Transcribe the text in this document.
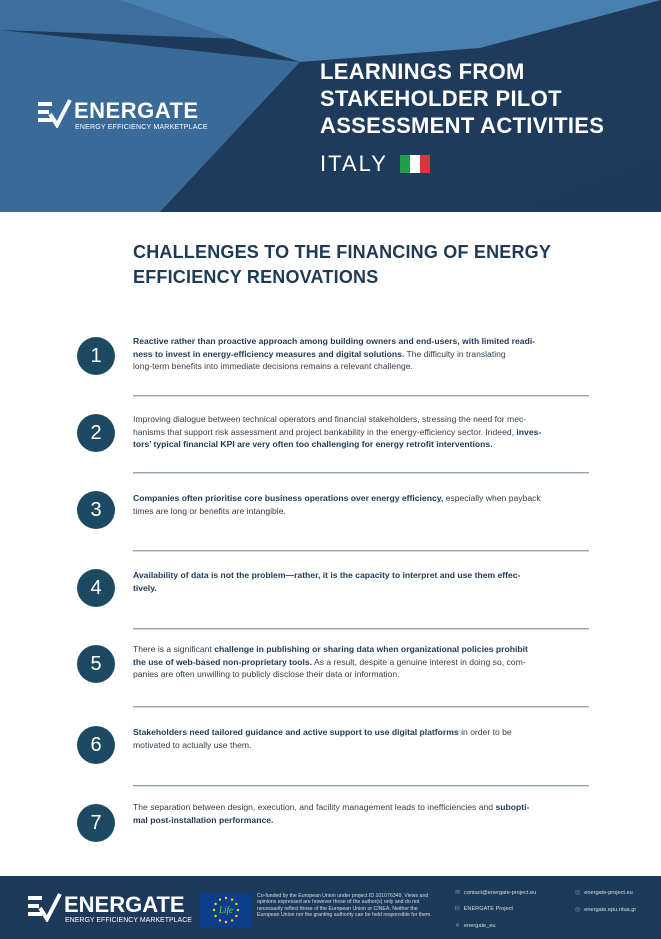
ENERGATE
ENERGY EFFICIENCY MARKETPLACE
LEARNINGS FROM
STAKEHOLDER PILOT
ASSESSMENT ACTIVITIES
ITALY
CHALLENGES TO THE FINANCING OF ENERGY
EFFICIENCY RENOVATIONS
1
Reactive rather than proactive approach among building owners and end-users, with limited readi-
ness to invest in energy-efficiency measures and digital solutions. The difficulty in translating
long-term benefits into immediate decisions remains a relevant challenge.
2
Improving dialogue between technical operators and financial stakeholders, stressing the need for mec-
hanisms that support risk assessment and project bankability in the energy-efficiency sector. Indeed, inves-
tors’ typical financial KPI are very often too challenging for energy retrofit interventions.
3
Companies often prioritise core business operations over energy efficiency, especially when payback
times are long or benefits are intangible.
4
Availability of data is not the problem—rather, it is the capacity to interpret and use them effec-
tively.
5
There is a significant challenge in publishing or sharing data when organizational policies prohibit
the use of web-based non-proprietary tools. As a result, despite a genuine interest in doing so, com-
panies are often unwilling to publicly disclose their data or information.
6
Stakeholders need tailored guidance and active support to use digital platforms in order to be
motivated to actually use them.
7
The separation between design, execution, and facility management leads to inefficiencies and subopti-
mal post-installation performance.
ENERGATE
ENERGY EFFICIENCY MARKETPLACE
Life
Co-funded by the European Union under project ID 101076349. Views and opinions expressed are however those of the author(s) only and do not necessarily reflect those of the European Union or CINEA. Neither the European Union nor the granting authority can be held responsible for them.
✉ contact@energate-project.eu
in ENERGATE Project
✕ energate_eu
◎ energate-project.eu
◎ energate.epu.ntua.gr
